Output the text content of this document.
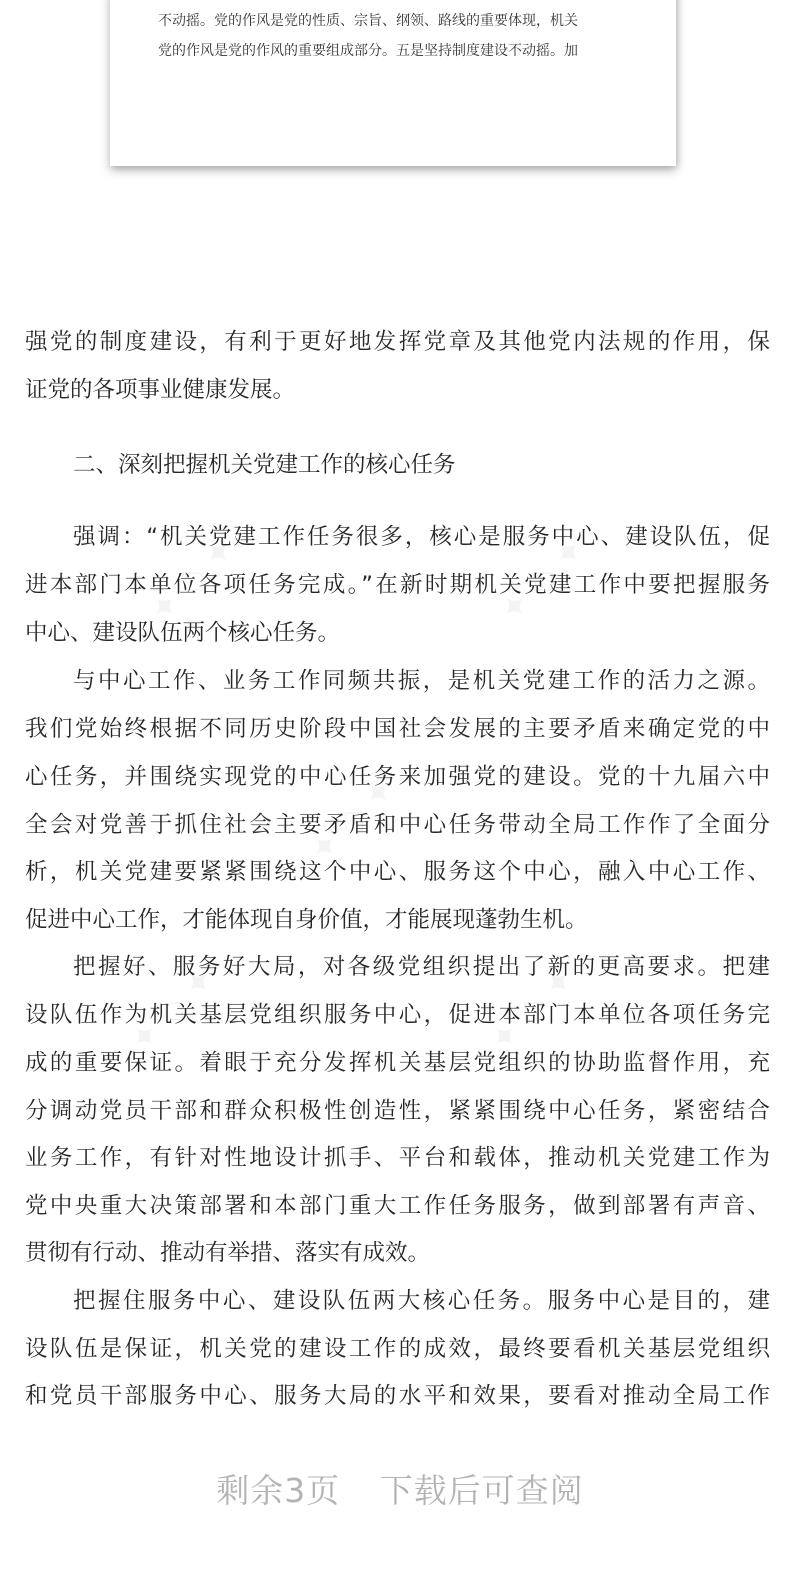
不动摇。党的作风是党的性质、宗旨、纲领、路线的重要体现，机关
党的作风是党的作风的重要组成部分。五是坚持制度建设不动摇。加
强党的制度建设，有利于更好地发挥党章及其他党内法规的作用，保
证党的各项事业健康发展。
二、深刻把握机关党建工作的核心任务
强调：“机关党建工作任务很多，核心是服务中心、建设队伍，促
进本部门本单位各项任务完成。”在新时期机关党建工作中要把握服务
中心、建设队伍两个核心任务。
与中心工作、业务工作同频共振，是机关党建工作的活力之源。
我们党始终根据不同历史阶段中国社会发展的主要矛盾来确定党的中
心任务，并围绕实现党的中心任务来加强党的建设。党的十九届六中
全会对党善于抓住社会主要矛盾和中心任务带动全局工作作了全面分
析，机关党建要紧紧围绕这个中心、服务这个中心，融入中心工作、
促进中心工作，才能体现自身价值，才能展现蓬勃生机。
把握好、服务好大局，对各级党组织提出了新的更高要求。把建
设队伍作为机关基层党组织服务中心，促进本部门本单位各项任务完
成的重要保证。着眼于充分发挥机关基层党组织的协助监督作用，充
分调动党员干部和群众积极性创造性，紧紧围绕中心任务，紧密结合
业务工作，有针对性地设计抓手、平台和载体，推动机关党建工作为
党中央重大决策部署和本部门重大工作任务服务，做到部署有声音、
贯彻有行动、推动有举措、落实有成效。
把握住服务中心、建设队伍两大核心任务。服务中心是目的，建
设队伍是保证，机关党的建设工作的成效，最终要看机关基层党组织
和党员干部服务中心、服务大局的水平和效果，要看对推动全局工作
剩余3页 下载后可查阅
